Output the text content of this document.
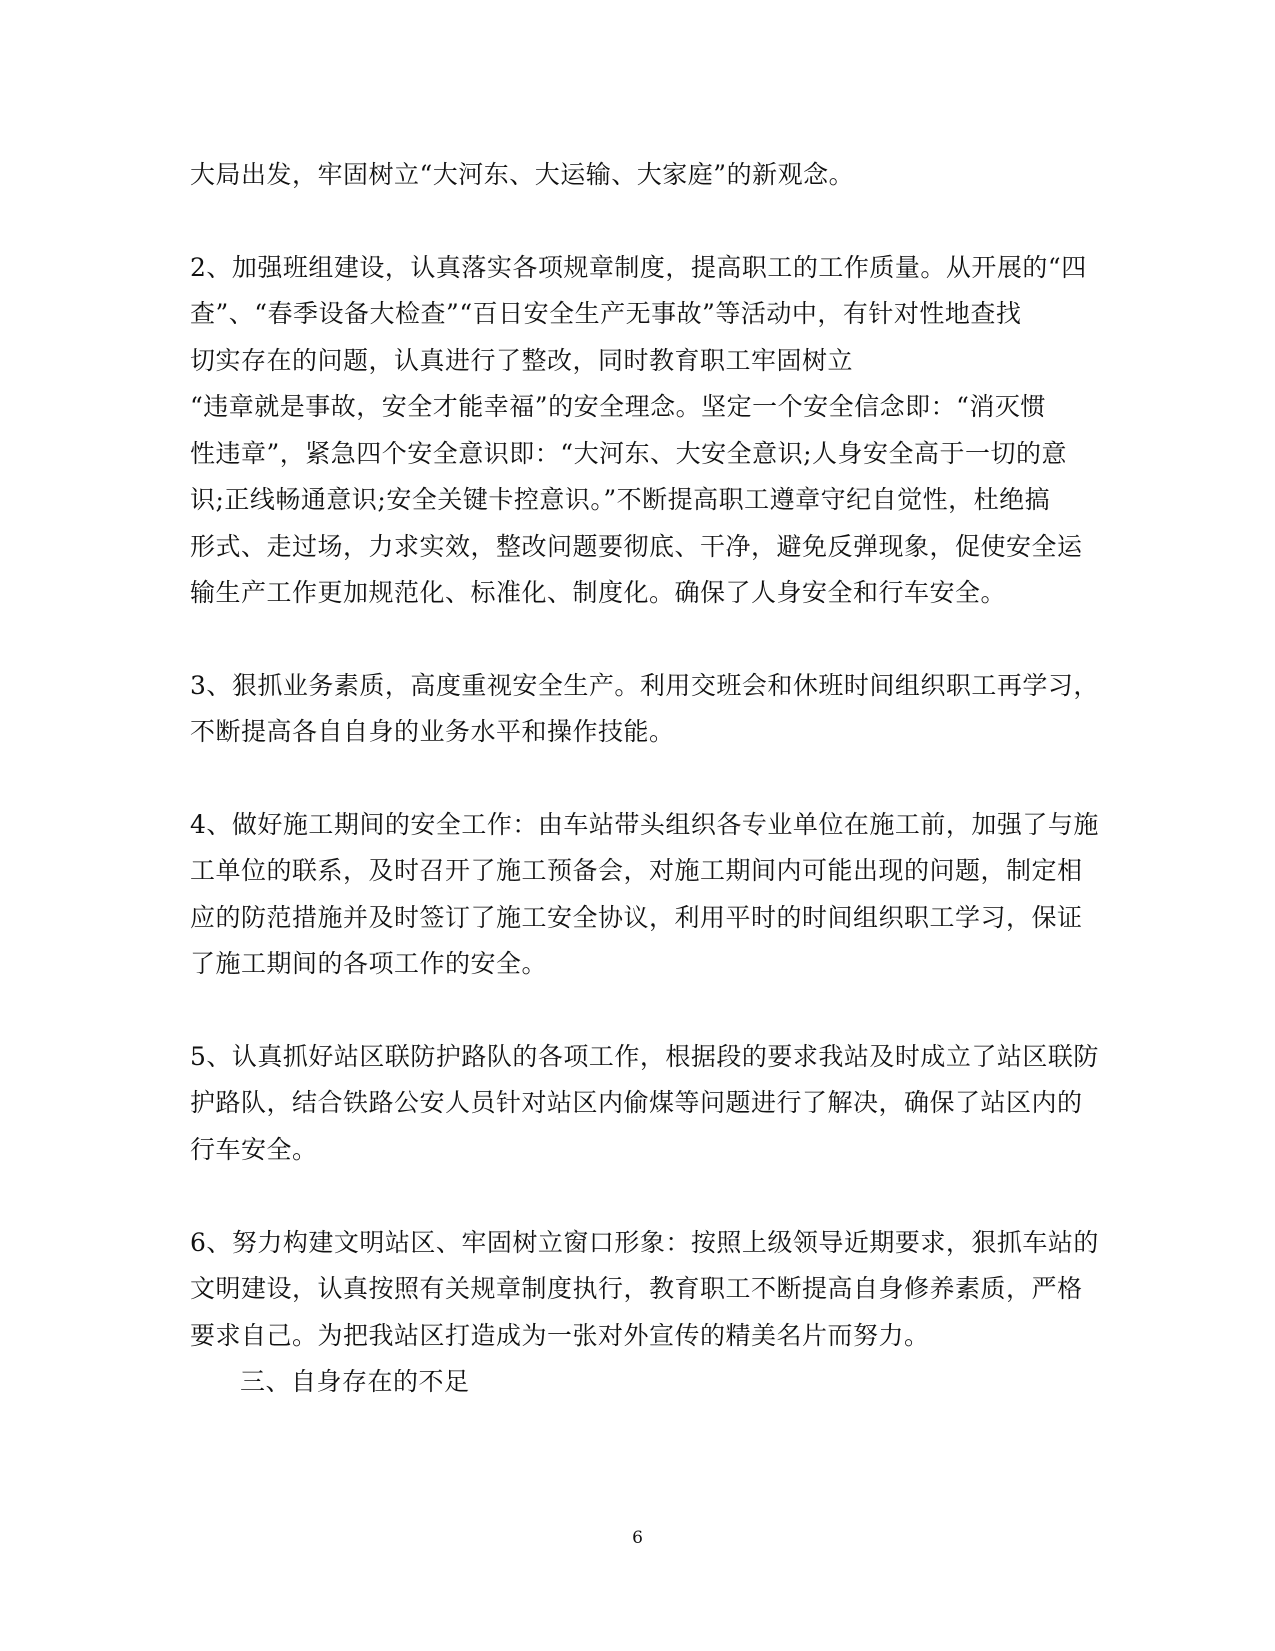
大局出发，牢固树立“大河东、大运输、大家庭”的新观念。
2、加强班组建设，认真落实各项规章制度，提高职工的工作质量。从开展的“四
查”、“春季设备大检查”“百日安全生产无事故”等活动中，有针对性地查找
切实存在的问题，认真进行了整改，同时教育职工牢固树立
“违章就是事故，安全才能幸福”的安全理念。坚定一个安全信念即：“消灭惯
性违章”，紧急四个安全意识即：“大河东、大安全意识;人身安全高于一切的意
识;正线畅通意识;安全关键卡控意识。”不断提高职工遵章守纪自觉性，杜绝搞
形式、走过场，力求实效，整改问题要彻底、干净，避免反弹现象，促使安全运
输生产工作更加规范化、标准化、制度化。确保了人身安全和行车安全。
3、狠抓业务素质，高度重视安全生产。利用交班会和休班时间组织职工再学习，
不断提高各自自身的业务水平和操作技能。
4、做好施工期间的安全工作：由车站带头组织各专业单位在施工前，加强了与施
工单位的联系，及时召开了施工预备会，对施工期间内可能出现的问题，制定相
应的防范措施并及时签订了施工安全协议，利用平时的时间组织职工学习，保证
了施工期间的各项工作的安全。
5、认真抓好站区联防护路队的各项工作，根据段的要求我站及时成立了站区联防
护路队，结合铁路公安人员针对站区内偷煤等问题进行了解决，确保了站区内的
行车安全。
6、努力构建文明站区、牢固树立窗口形象：按照上级领导近期要求，狠抓车站的
文明建设，认真按照有关规章制度执行，教育职工不断提高自身修养素质，严格
要求自己。为把我站区打造成为一张对外宣传的精美名片而努力。
三、自身存在的不足
6
